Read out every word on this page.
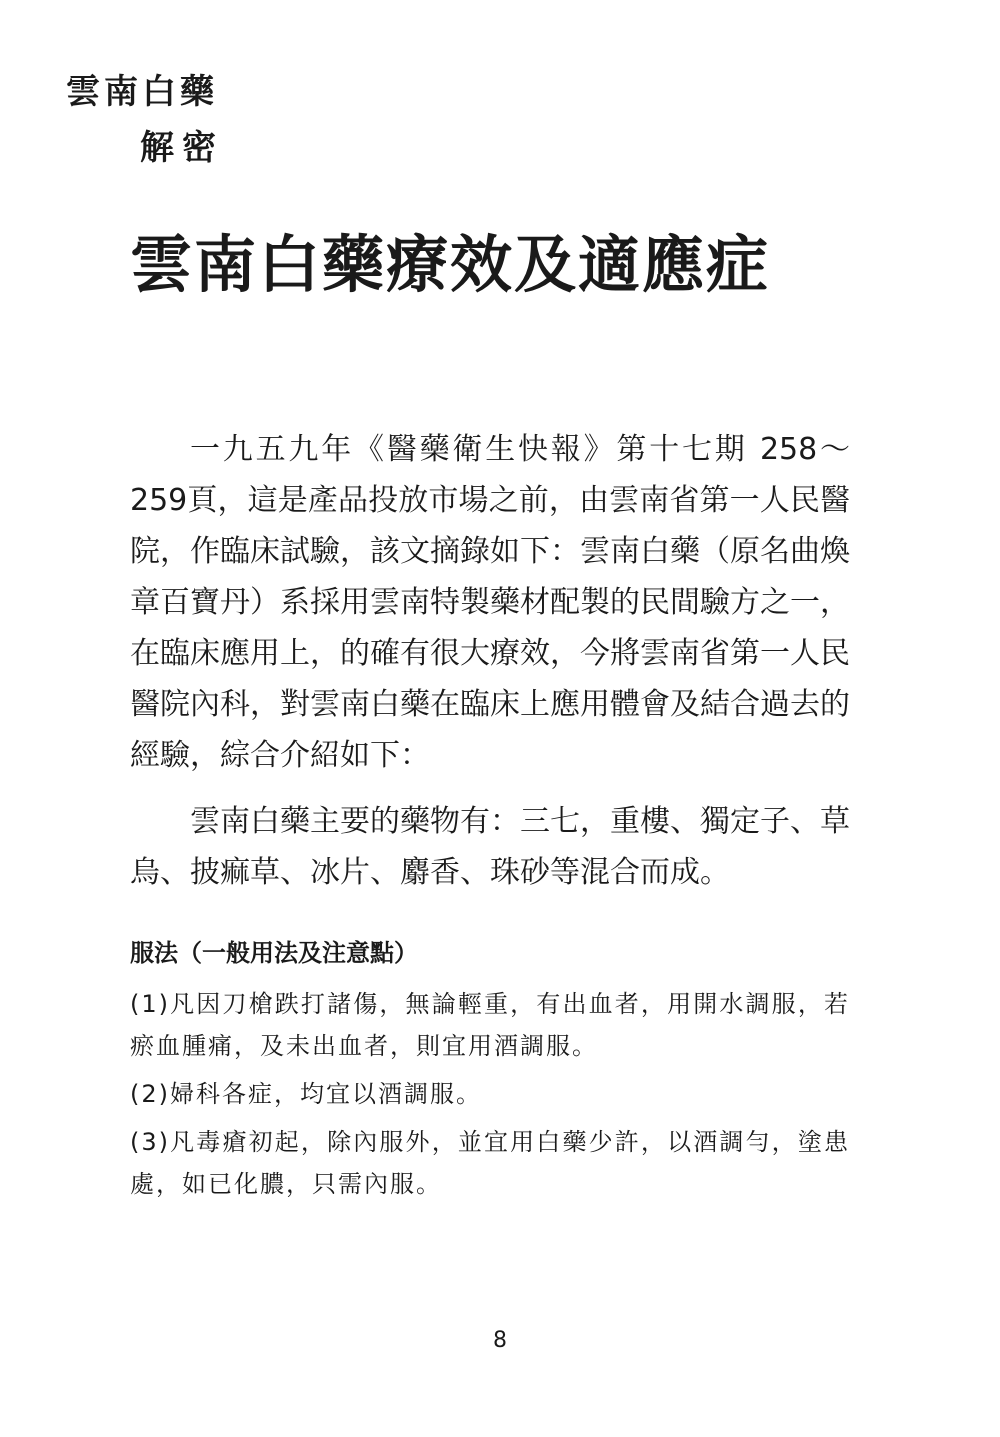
雲南白藥
解密
雲南白藥療效及適應症

一九五九年《醫藥衛生快報》第十七期 258～259頁，這是產品投放市場之前，由雲南省第一人民醫院，作臨床試驗，該文摘錄如下：雲南白藥（原名曲煥章百寶丹）系採用雲南特製藥材配製的民間驗方之一，在臨床應用上，的確有很大療效，今將雲南省第一人民醫院內科，對雲南白藥在臨床上應用體會及結合過去的經驗，綜合介紹如下：

雲南白藥主要的藥物有：三七，重樓、獨定子、草烏、披痲草、冰片、麝香、珠砂等混合而成。

服法（一般用法及注意點）

(1)凡因刀槍跌打諸傷，無論輕重，有出血者，用開水調服，若瘀血腫痛，及未出血者，則宜用酒調服。

(2)婦科各症，均宜以酒調服。

(3)凡毒瘡初起，除內服外，並宜用白藥少許，以酒調勻，塗患處，如已化膿，只需內服。

8
